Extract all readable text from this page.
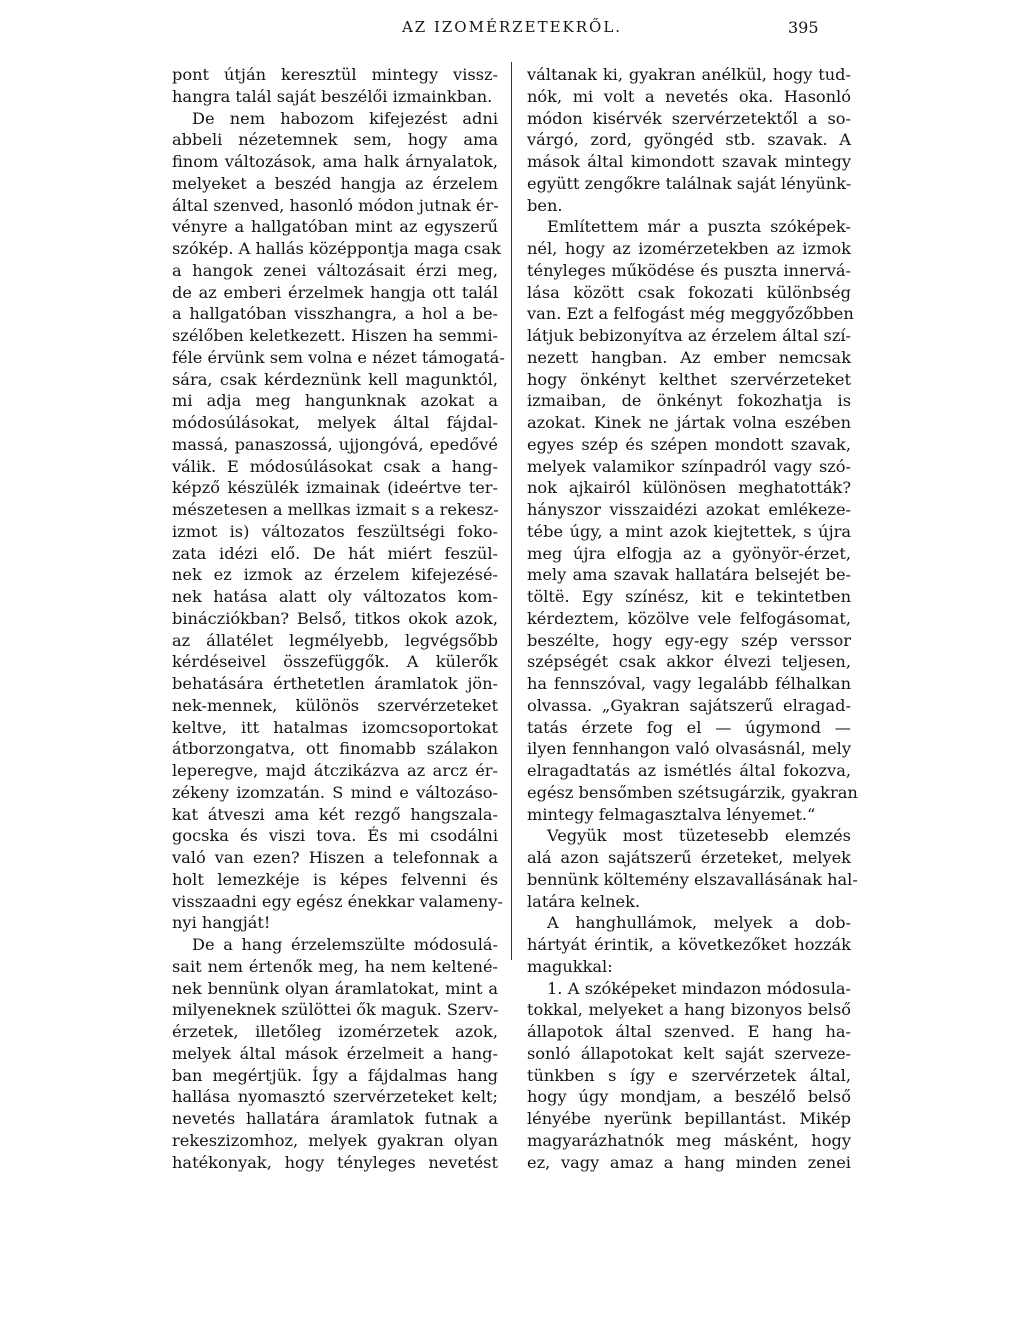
AZ IZOMÉRZETEKRŐL.	395
pont útján keresztül mintegy vissz-
hangra talál saját beszélői izmainkban.
De nem habozom kifejezést adni
abbeli nézetemnek sem, hogy ama
finom változások, ama halk árnyalatok,
melyeket a beszéd hangja az érzelem
által szenved, hasonló módon jutnak ér-
vényre a hallgatóban mint az egyszerű
szókép. A hallás középpontja maga csak
a hangok zenei változásait érzi meg,
de az emberi érzelmek hangja ott talál
a hallgatóban visszhangra, a hol a be-
szélőben keletkezett. Hiszen ha semmi-
féle érvünk sem volna e nézet támogatá-
sára, csak kérdeznünk kell magunktól,
mi adja meg hangunknak azokat a
módosúlásokat, melyek által fájdal-
massá, panaszossá, ujjongóvá, epedővé
válik. E módosúlásokat csak a hang-
képző készülék izmainak (ideértve ter-
mészetesen a mellkas izmait s a rekesz-
izmot is) változatos feszültségi foko-
zata idézi elő. De hát miért feszül-
nek ez izmok az érzelem kifejezésé-
nek hatása alatt oly változatos kom-
binácziókban? Belső, titkos okok azok,
az állatélet legmélyebb, legvégsőbb
kérdéseivel összefüggők. A külerők
behatására érthetetlen áramlatok jön-
nek-mennek, különös szervérzeteket
keltve, itt hatalmas izomcsoportokat
átborzongatva, ott finomabb szálakon
leperegve, majd átczikázva az arcz ér-
zékeny izomzatán. S mind e változáso-
kat átveszi ama két rezgő hangszala-
gocska és viszi tova. És mi csodálni
való van ezen? Hiszen a telefonnak a
holt lemezkéje is képes felvenni és
visszaadni egy egész énekkar valameny-
nyi hangját!
De a hang érzelemszülte módosulá-
sait nem értenők meg, ha nem keltené-
nek bennünk olyan áramlatokat, mint a
milyeneknek szülöttei ők maguk. Szerv-
érzetek, illetőleg izomérzetek azok,
melyek által mások érzelmeit a hang-
ban megértjük. Így a fájdalmas hang
hallása nyomasztó szervérzeteket kelt;
nevetés hallatára áramlatok futnak a
rekeszizomhoz, melyek gyakran olyan
hatékonyak, hogy tényleges nevetést
váltanak ki, gyakran anélkül, hogy tud-
nók, mi volt a nevetés oka. Hasonló
módon kisérvék szervérzetektől a so-
várgó, zord, gyöngéd stb. szavak. A
mások által kimondott szavak mintegy
együtt zengőkre találnak saját lényünk-
ben.
Említettem már a puszta szóképek-
nél, hogy az izomérzetekben az izmok
tényleges működése és puszta innervá-
lása között csak fokozati különbség
van. Ezt a felfogást még meggyőzőbben
látjuk bebizonyítva az érzelem által szí-
nezett hangban. Az ember nemcsak
hogy önkényt kelthet szervérzeteket
izmaiban, de önkényt fokozhatja is
azokat. Kinek ne jártak volna eszében
egyes szép és szépen mondott szavak,
melyek valamikor színpadról vagy szó-
nok ajkairól különösen meghatották?
hányszor visszaidézi azokat emlékeze-
tébe úgy, a mint azok kiejtettek, s újra
meg újra elfogja az a gyönyör-érzet,
mely ama szavak hallatára belsejét be-
töltë. Egy színész, kit e tekintetben
kérdeztem, közölve vele felfogásomat,
beszélte, hogy egy-egy szép verssor
szépségét csak akkor élvezi teljesen,
ha fennszóval, vagy legalább félhalkan
olvassa. „Gyakran sajátszerű elragad-
tatás érzete fog el — úgymond —
ilyen fennhangon való olvasásnál, mely
elragadtatás az ismétlés által fokozva,
egész bensőmben szétsugárzik, gyakran
mintegy felmagasztalva lényemet.“
Vegyük most tüzetesebb elemzés
alá azon sajátszerű érzeteket, melyek
bennünk költemény elszavallásának hal-
latára kelnek.
A hanghullámok, melyek a dob-
hártyát érintik, a következőket hozzák
magukkal:
1. A szóképeket mindazon módosula-
tokkal, melyeket a hang bizonyos belső
állapotok által szenved. E hang ha-
sonló állapotokat kelt saját szerveze-
tünkben s így e szervérzetek által,
hogy úgy mondjam, a beszélő belső
lényébe nyerünk bepillantást. Mikép
magyarázhatnók meg másként, hogy
ez, vagy amaz a hang minden zenei
